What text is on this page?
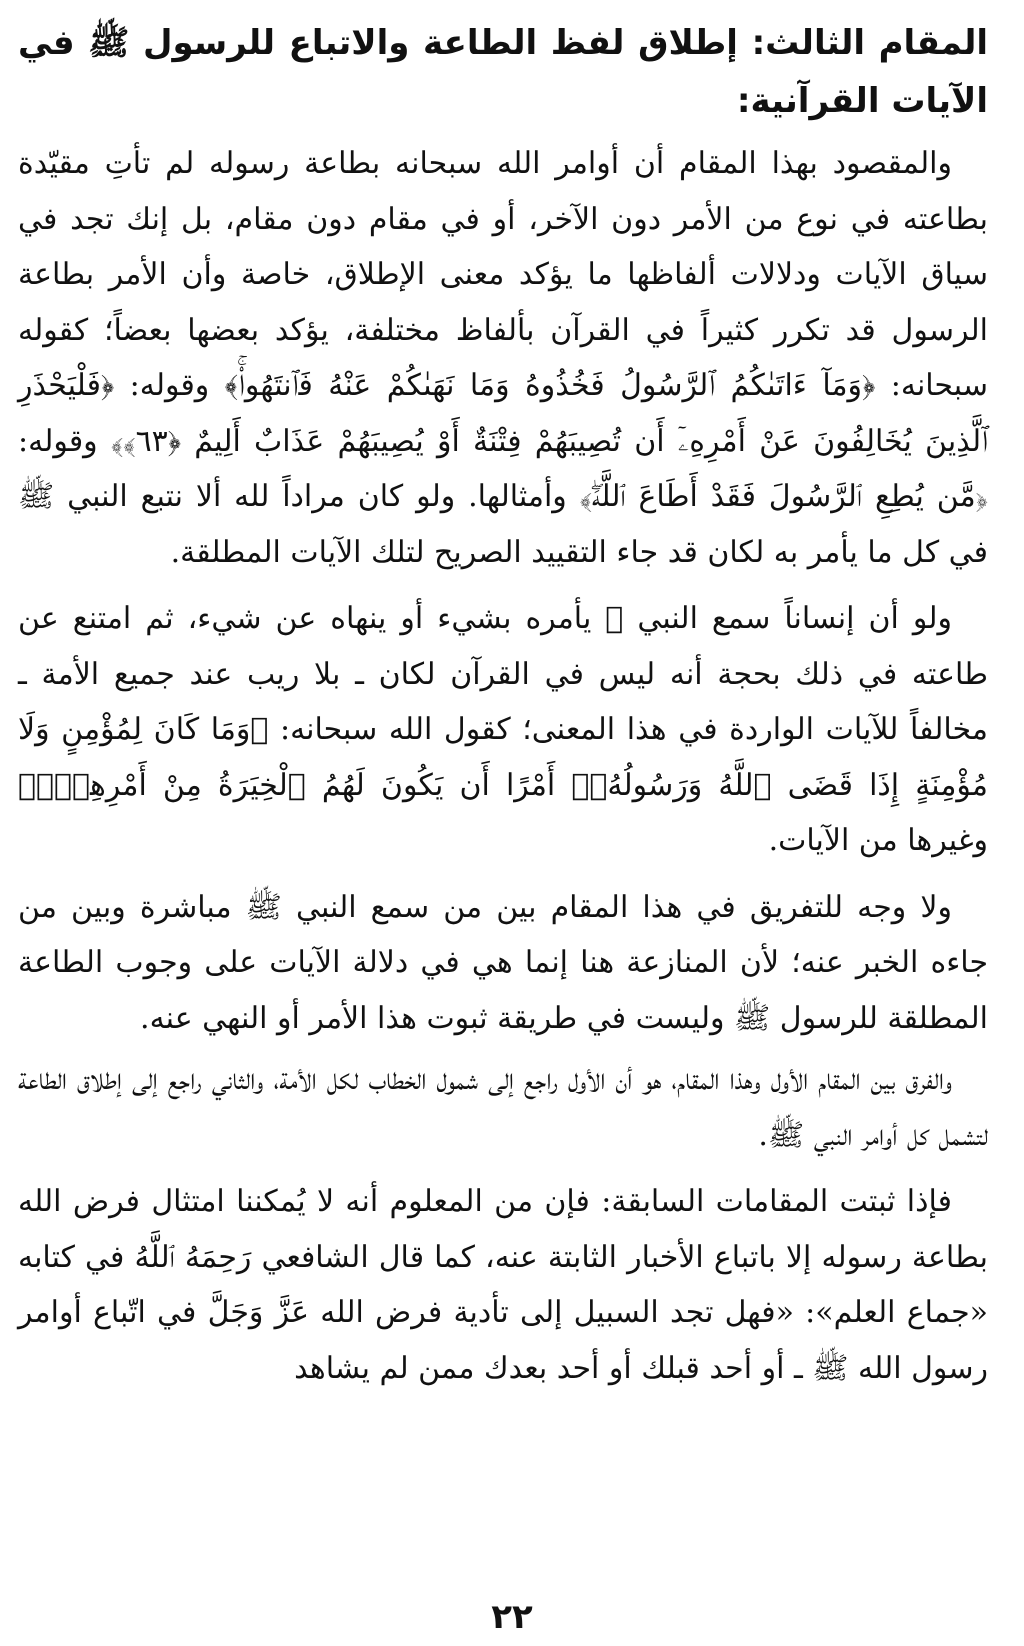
المقام الثالث: إطلاق لفظ الطاعة والاتباع للرسول ﷺ في الآيات القرآنية:

والمقصود بهذا المقام أن أوامر الله سبحانه بطاعة رسوله لم تأتِ مقيّدة بطاعته في نوع من الأمر دون الآخر، أو في مقام دون مقام، بل إنك تجد في سياق الآيات ودلالات ألفاظها ما يؤكد معنى الإطلاق، خاصة وأن الأمر بطاعة الرسول قد تكرر كثيراً في القرآن بألفاظ مختلفة، يؤكد بعضها بعضاً؛ كقوله سبحانه: ﴿وَمَآ ءَاتَىٰكُمُ ٱلرَّسُولُ فَخُذُوهُ وَمَا نَهَىٰكُمْ عَنْهُ فَٱنتَهُوا۟ۚ﴾ وقوله: ﴿فَلْيَحْذَرِ ٱلَّذِينَ يُخَالِفُونَ عَنْ أَمْرِهِۦٓ أَن تُصِيبَهُمْ فِتْنَةٌ أَوْ يُصِيبَهُمْ عَذَابٌ أَلِيمٌ ﴿٦٣﴾﴾ وقوله: ﴿مَّن يُطِعِ ٱلرَّسُولَ فَقَدْ أَطَاعَ ٱللَّهَۖ﴾ وأمثالها. ولو كان مراداً لله ألا نتبع النبي ﷺ في كل ما يأمر به لكان قد جاء التقييد الصريح لتلك الآيات المطلقة.

ولو أن إنساناً سمع النبي ﷺ يأمره بشيء أو ينهاه عن شيء، ثم امتنع عن طاعته في ذلك بحجة أنه ليس في القرآن لكان ـ بلا ريب عند جميع الأمة ـ مخالفاً للآيات الواردة في هذا المعنى؛ كقول الله سبحانه: ﴿وَمَا كَانَ لِمُؤْمِنٍ وَلَا مُؤْمِنَةٍ إِذَا قَضَى ٱللَّهُ وَرَسُولُهُۥٓ أَمْرًا أَن يَكُونَ لَهُمُ ٱلْخِيَرَةُ مِنْ أَمْرِهِمْۗ﴾ وغيرها من الآيات.

ولا وجه للتفريق في هذا المقام بين من سمع النبي ﷺ مباشرة وبين من جاءه الخبر عنه؛ لأن المنازعة هنا إنما هي في دلالة الآيات على وجوب الطاعة المطلقة للرسول ﷺ وليست في طريقة ثبوت هذا الأمر أو النهي عنه.

والفرق بين المقام الأول وهذا المقام، هو أن الأول راجع إلى شمول الخطاب لكل الأمة، والثاني راجع إلى إطلاق الطاعة لتشمل كل أوامر النبي ﷺ.

فإذا ثبتت المقامات السابقة: فإن من المعلوم أنه لا يُمكننا امتثال فرض الله بطاعة رسوله إلا باتباع الأخبار الثابتة عنه، كما قال الشافعي رَحِمَهُ ٱللَّهُ في كتابه «جماع العلم»: «فهل تجد السبيل إلى تأدية فرض الله عَزَّ وَجَلَّ في اتّباع أوامر رسول الله ﷺ ـ أو أحد قبلك أو أحد بعدك ممن لم يشاهد

٢٢
